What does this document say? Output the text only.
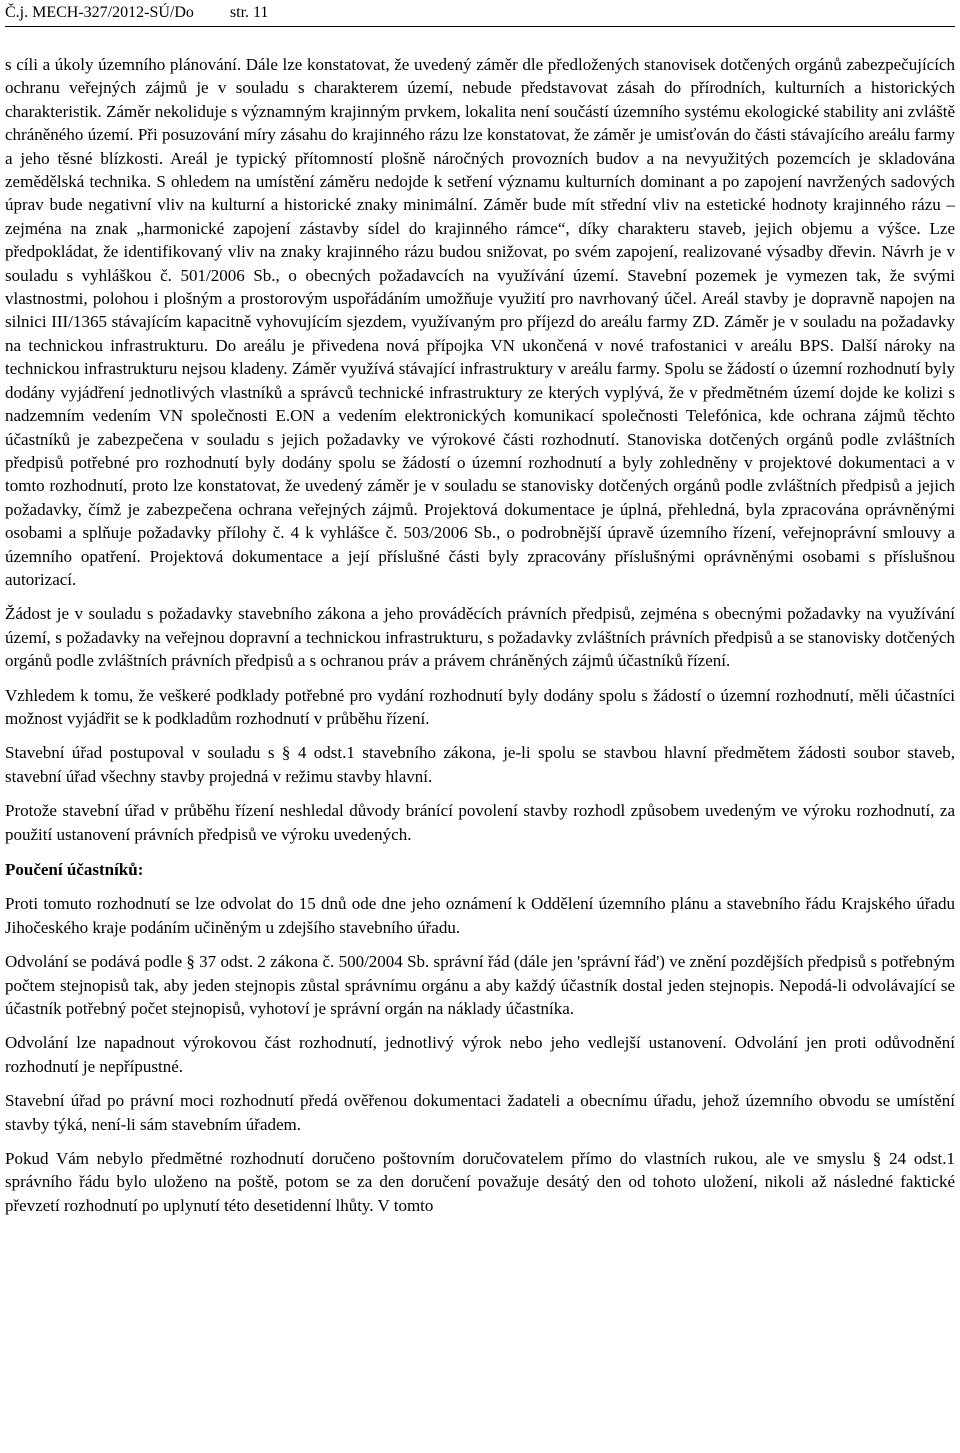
Č.j. MECH-327/2012-SÚ/Do str. 11

s cíli a úkoly územního plánování. Dále lze konstatovat, že uvedený záměr dle předložených stanovisek dotčených orgánů zabezpečujících ochranu veřejných zájmů je v souladu s charakterem území, nebude představovat zásah do přírodních, kulturních a historických charakteristik. Záměr nekoliduje s významným krajinným prvkem, lokalita není součástí územního systému ekologické stability ani zvláště chráněného území. Při posuzování míry zásahu do krajinného rázu lze konstatovat, že záměr je umisťován do části stávajícího areálu farmy a jeho těsné blízkosti. Areál je typický přítomností plošně náročných provozních budov a na nevyužitých pozemcích je skladována zemědělská technika. S ohledem na umístění záměru nedojde k setření významu kulturních dominant a po zapojení navržených sadových úprav bude negativní vliv na kulturní a historické znaky minimální. Záměr bude mít střední vliv na estetické hodnoty krajinného rázu – zejména na znak „harmonické zapojení zástavby sídel do krajinného rámce“, díky charakteru staveb, jejich objemu a výšce. Lze předpokládat, že identifikovaný vliv na znaky krajinného rázu budou snižovat, po svém zapojení, realizované výsadby dřevin. Návrh je v souladu s vyhláškou č. 501/2006 Sb., o obecných požadavcích na využívání území. Stavební pozemek je vymezen tak, že svými vlastnostmi, polohou i plošným a prostorovým uspořádáním umožňuje využití pro navrhovaný účel. Areál stavby je dopravně napojen na silnici III/1365 stávajícím kapacitně vyhovujícím sjezdem, využívaným pro příjezd do areálu farmy ZD. Záměr je v souladu na požadavky na technickou infrastrukturu. Do areálu je přivedena nová přípojka VN ukončená v nové trafostanici v areálu BPS. Další nároky na technickou infrastrukturu nejsou kladeny. Záměr využívá stávající infrastruktury v areálu farmy. Spolu se žádostí o územní rozhodnutí byly dodány vyjádření jednotlivých vlastníků a správců technické infrastruktury ze kterých vyplývá, že v předmětném území dojde ke kolizi s nadzemním vedením VN společnosti E.ON a vedením elektronických komunikací společnosti Telefónica, kde ochrana zájmů těchto účastníků je zabezpečena v souladu s jejich požadavky ve výrokové části rozhodnutí. Stanoviska dotčených orgánů podle zvláštních předpisů potřebné pro rozhodnutí byly dodány spolu se žádostí o územní rozhodnutí a byly zohledněny v projektové dokumentaci a v tomto rozhodnutí, proto lze konstatovat, že uvedený záměr je v souladu se stanovisky dotčených orgánů podle zvláštních předpisů a jejich požadavky, čímž je zabezpečena ochrana veřejných zájmů. Projektová dokumentace je úplná, přehledná, byla zpracována oprávněnými osobami a splňuje požadavky přílohy č. 4 k vyhlášce č. 503/2006 Sb., o podrobnější úpravě územního řízení, veřejnoprávní smlouvy a územního opatření. Projektová dokumentace a její příslušné části byly zpracovány příslušnými oprávněnými osobami s příslušnou autorizací.

Žádost je v souladu s požadavky stavebního zákona a jeho prováděcích právních předpisů, zejména s obecnými požadavky na využívání území, s požadavky na veřejnou dopravní a technickou infrastrukturu, s požadavky zvláštních právních předpisů a se stanovisky dotčených orgánů podle zvláštních právních předpisů a s ochranou práv a právem chráněných zájmů účastníků řízení.

Vzhledem k tomu, že veškeré podklady potřebné pro vydání rozhodnutí byly dodány spolu s žádostí o územní rozhodnutí, měli účastníci možnost vyjádřit se k podkladům rozhodnutí v průběhu řízení.

Stavební úřad postupoval v souladu s § 4 odst.1 stavebního zákona, je-li spolu se stavbou hlavní předmětem žádosti soubor staveb, stavební úřad všechny stavby projedná v režimu stavby hlavní.

Protože stavební úřad v průběhu řízení neshledal důvody bránící povolení stavby rozhodl způsobem uvedeným ve výroku rozhodnutí, za použití ustanovení právních předpisů ve výroku uvedených.

Poučení účastníků:

Proti tomuto rozhodnutí se lze odvolat do 15 dnů ode dne jeho oznámení k Oddělení územního plánu a stavebního řádu Krajského úřadu Jihočeského kraje podáním učiněným u zdejšího stavebního úřadu.

Odvolání se podává podle § 37 odst. 2 zákona č. 500/2004 Sb. správní řád (dále jen 'správní řád') ve znění pozdějších předpisů s potřebným počtem stejnopisů tak, aby jeden stejnopis zůstal správnímu orgánu a aby každý účastník dostal jeden stejnopis. Nepodá-li odvolávající se účastník potřebný počet stejnopisů, vyhotoví je správní orgán na náklady účastníka.

Odvolání lze napadnout výrokovou část rozhodnutí, jednotlivý výrok nebo jeho vedlejší ustanovení. Odvolání jen proti odůvodnění rozhodnutí je nepřípustné.

Stavební úřad po právní moci rozhodnutí předá ověřenou dokumentaci žadateli a obecnímu úřadu, jehož územního obvodu se umístění stavby týká, není-li sám stavebním úřadem.

Pokud Vám nebylo předmětné rozhodnutí doručeno poštovním doručovatelem přímo do vlastních rukou, ale ve smyslu § 24 odst.1 správního řádu bylo uloženo na poště, potom se za den doručení považuje desátý den od tohoto uložení, nikoli až následné faktické převzetí rozhodnutí po uplynutí této desetidenní lhůty. V tomto
